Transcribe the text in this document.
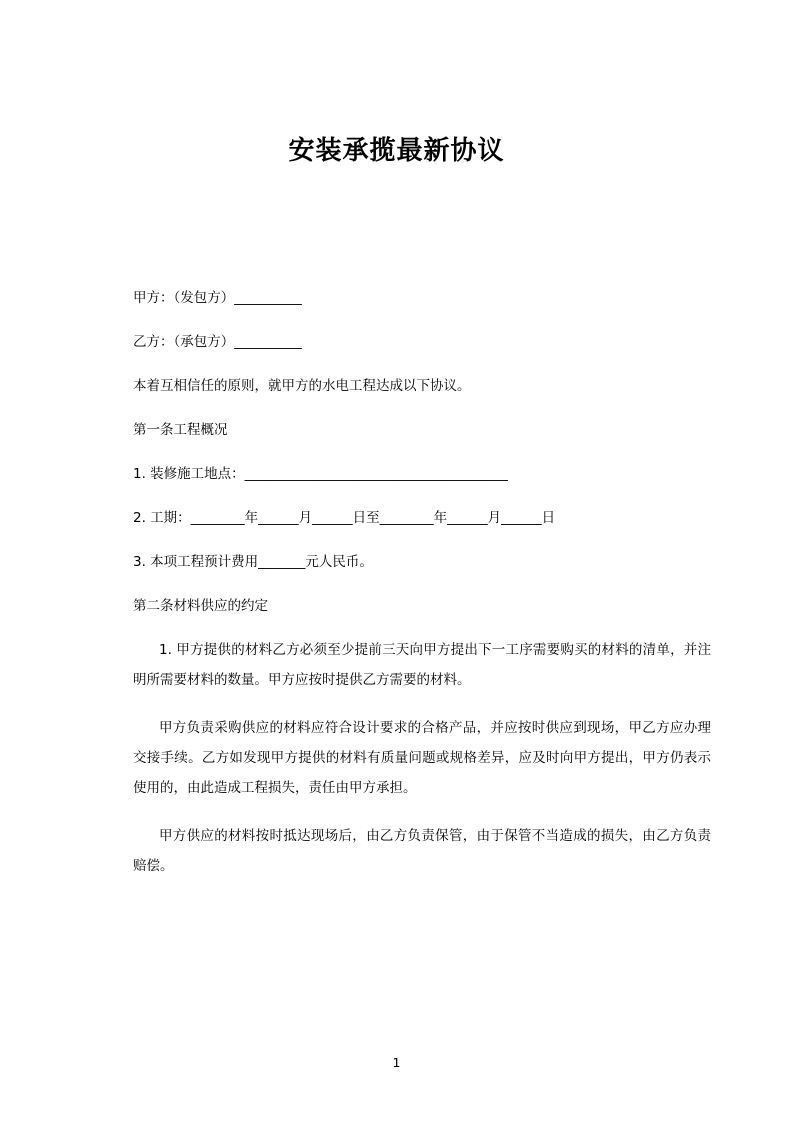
安装承揽最新协议

甲方：（发包方）__________

乙方：（承包方）__________

本着互相信任的原则，就甲方的水电工程达成以下协议。

第一条工程概况

1. 装修施工地点：_______________________________________

2. 工期：________年______月______日至________年______月______日

3. 本项工程预计费用_______元人民币。

第二条材料供应的约定

1. 甲方提供的材料乙方必须至少提前三天向甲方提出下一工序需要购买的材料的清单，并注明所需要材料的数量。甲方应按时提供乙方需要的材料。

甲方负责采购供应的材料应符合设计要求的合格产品，并应按时供应到现场，甲乙方应办理交接手续。乙方如发现甲方提供的材料有质量问题或规格差异，应及时向甲方提出，甲方仍表示使用的，由此造成工程损失，责任由甲方承担。

甲方供应的材料按时抵达现场后，由乙方负责保管，由于保管不当造成的损失，由乙方负责赔偿。

1
